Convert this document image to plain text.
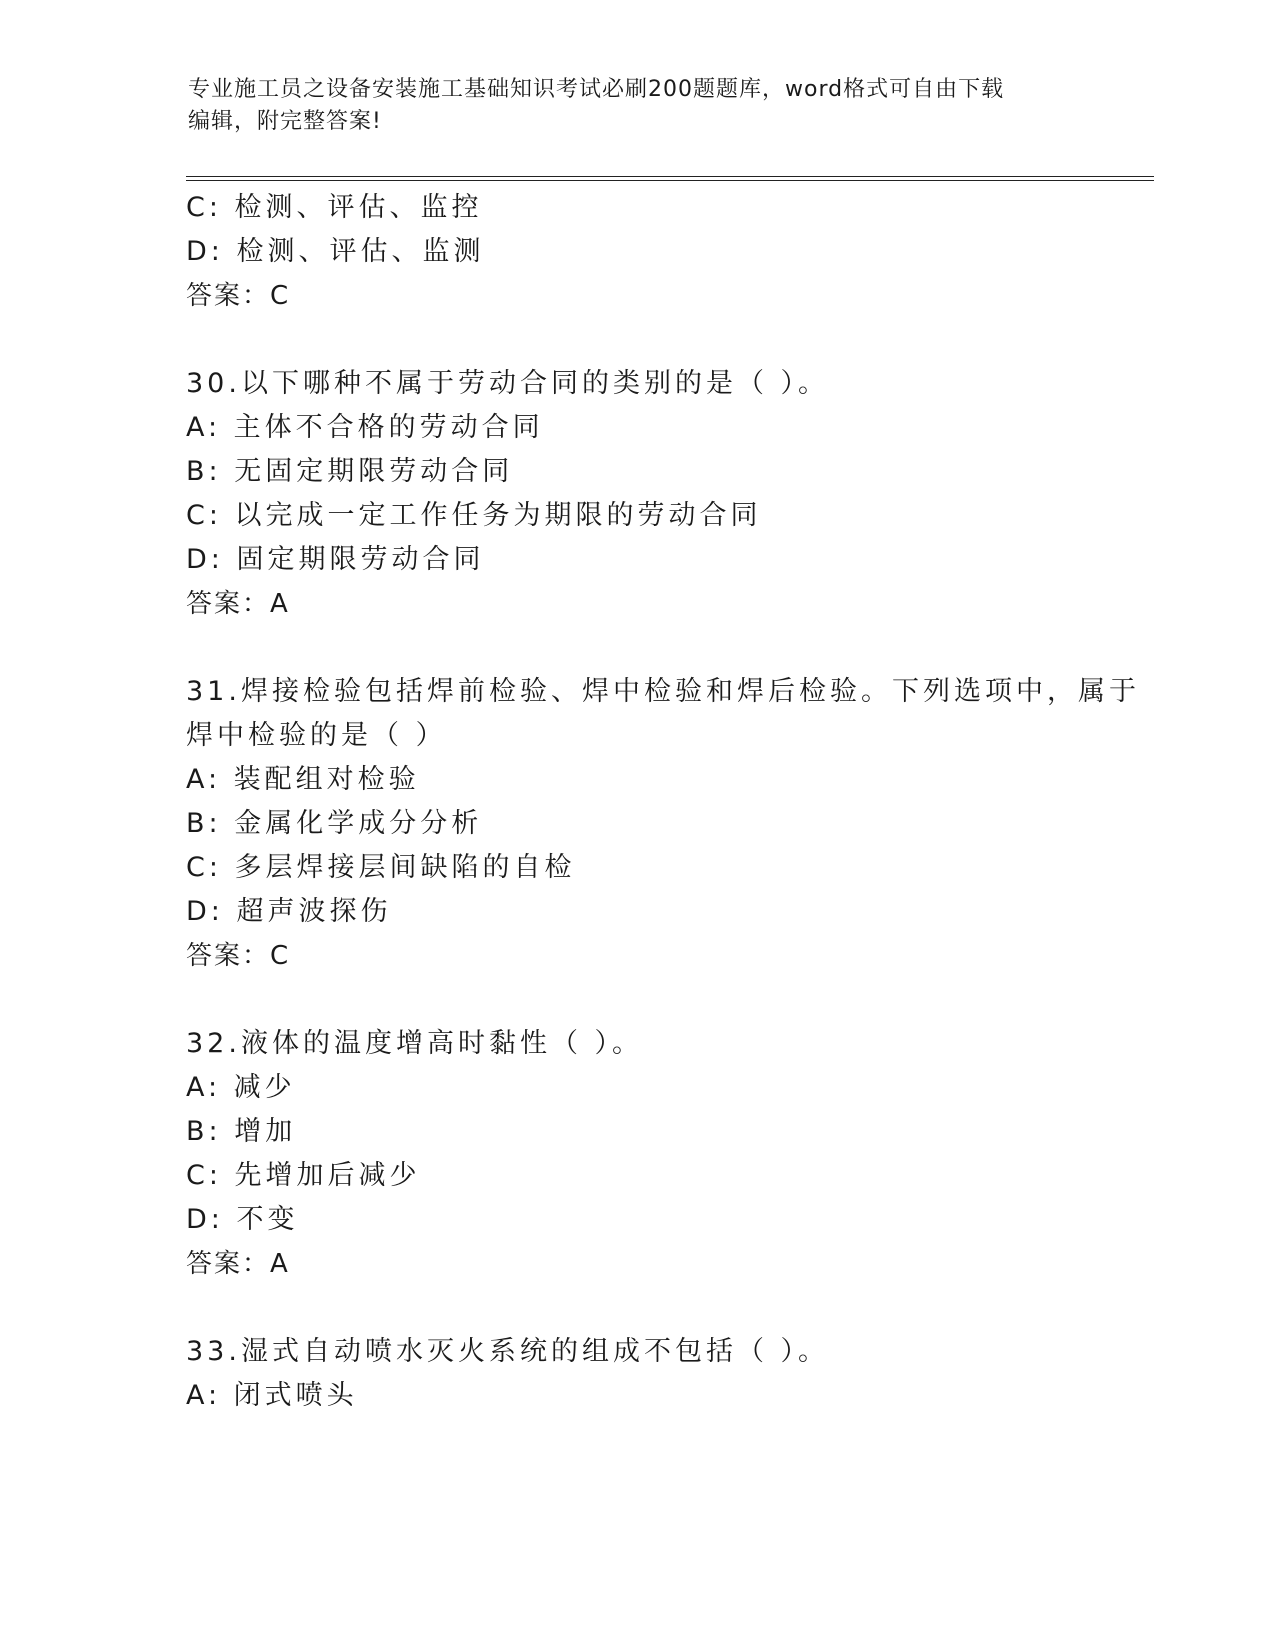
专业施工员之设备安装施工基础知识考试必刷200题题库，word格式可自由下载
编辑，附完整答案!
C: 检测、评估、监控
D: 检测、评估、监测
答案：C
30.以下哪种不属于劳动合同的类别的是（ ）。
A: 主体不合格的劳动合同
B: 无固定期限劳动合同
C: 以完成一定工作任务为期限的劳动合同
D: 固定期限劳动合同
答案：A
31.焊接检验包括焊前检验、焊中检验和焊后检验。下列选项中，属于
焊中检验的是（ ）
A: 装配组对检验
B: 金属化学成分分析
C: 多层焊接层间缺陷的自检
D: 超声波探伤
答案：C
32.液体的温度增高时黏性（ ）。
A: 减少
B: 增加
C: 先增加后减少
D: 不变
答案：A
33.湿式自动喷水灭火系统的组成不包括（ ）。
A: 闭式喷头
